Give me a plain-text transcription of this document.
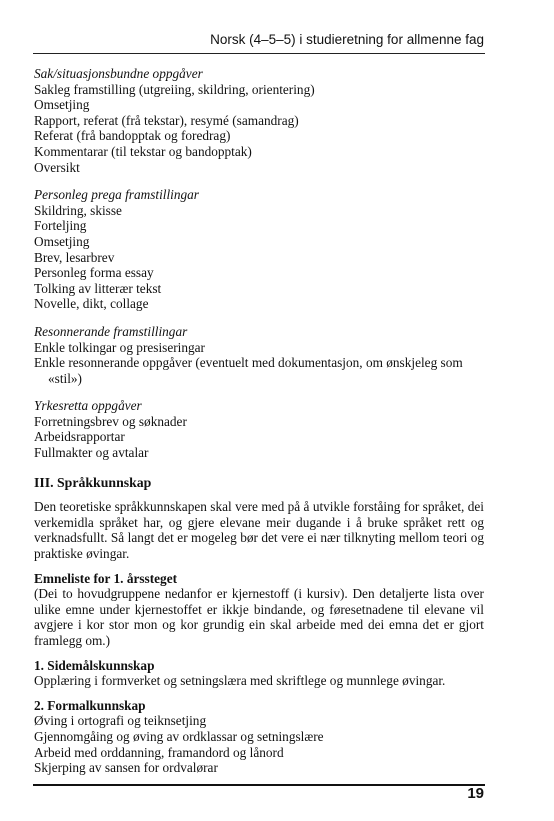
Norsk (4–5–5) i studieretning for allmenne fag

Sak/situasjonsbundne oppgåver

Sakleg framstilling (utgreiing, skildring, orientering)

Omsetjing

Rapport, referat (frå tekstar), resymé (samandrag)

Referat (frå bandopptak og foredrag)

Kommentarar (til tekstar og bandopptak)

Oversikt

Personleg prega framstillingar

Skildring, skisse

Forteljing

Omsetjing

Brev, lesarbrev

Personleg forma essay

Tolking av litterær tekst

Novelle, dikt, collage

Resonnerande framstillingar

Enkle tolkingar og presiseringar

Enkle resonnerande oppgåver (eventuelt med dokumentasjon, om ønskjeleg som «stil»)

Yrkesretta oppgåver

Forretningsbrev og søknader

Arbeidsrapportar

Fullmakter og avtalar

III. Språkkunnskap

Den teoretiske språkkunnskapen skal vere med på å utvikle forståing for språket, dei verkemidla språket har, og gjere elevane meir dugande i å bruke språket rett og verknadsfullt. Så langt det er mogeleg bør det vere ei nær tilknyting mellom teori og praktiske øvingar.

Emneliste for 1. årssteget

(Dei to hovudgruppene nedanfor er kjernestoff (i kursiv). Den detaljerte lista over ulike emne under kjernestoffet er ikkje bindande, og føresetnadene til elevane vil avgjere i kor stor mon og kor grundig ein skal arbeide med dei emna det er gjort framlegg om.)

1. Sidemålskunnskap

Opplæring i formverket og setningslæra med skriftlege og munnlege øvingar.

2. Formalkunnskap

Øving i ortografi og teiknsetjing

Gjennomgåing og øving av ordklassar og setningslære

Arbeid med orddanning, framandord og lånord

Skjerping av sansen for ordvalørar

19
